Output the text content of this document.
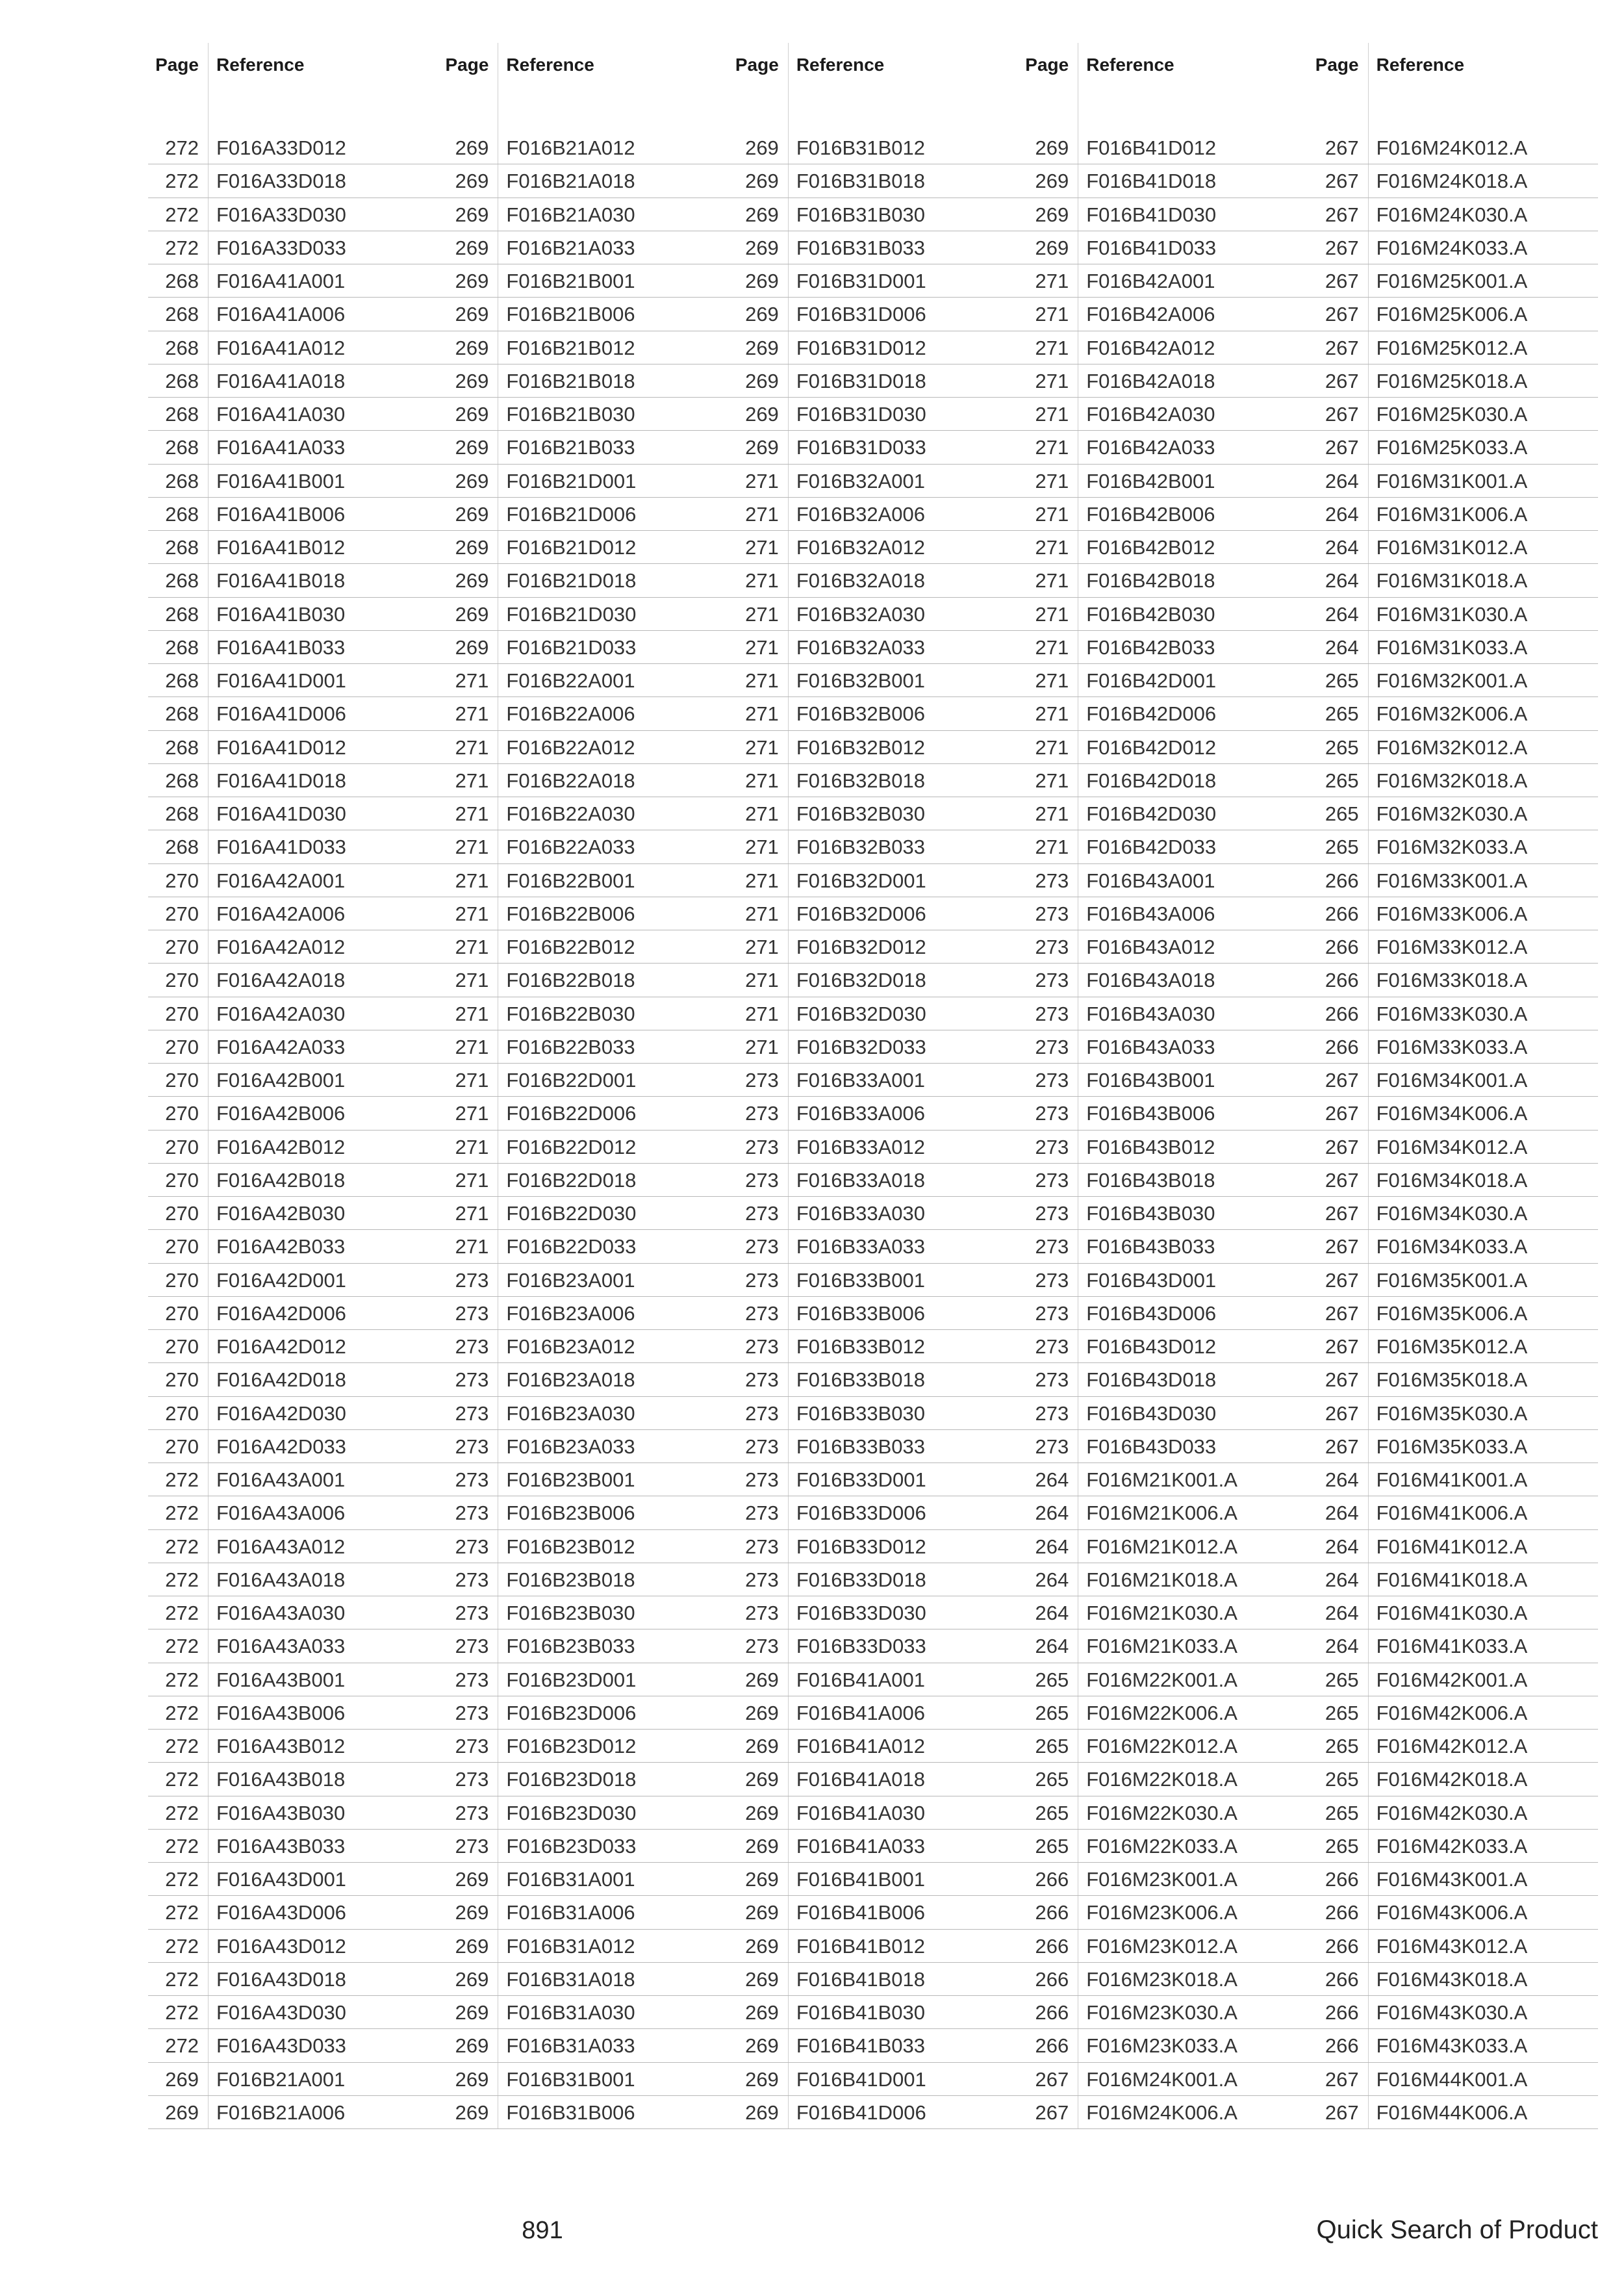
Page Reference
272 F016A33D012
272 F016A33D018
272 F016A33D030
272 F016A33D033
268 F016A41A001
268 F016A41A006
268 F016A41A012
268 F016A41A018
268 F016A41A030
268 F016A41A033
268 F016A41B001
268 F016A41B006
268 F016A41B012
268 F016A41B018
268 F016A41B030
268 F016A41B033
268 F016A41D001
268 F016A41D006
268 F016A41D012
268 F016A41D018
268 F016A41D030
268 F016A41D033
270 F016A42A001
270 F016A42A006
270 F016A42A012
270 F016A42A018
270 F016A42A030
270 F016A42A033
270 F016A42B001
270 F016A42B006
270 F016A42B012
270 F016A42B018
270 F016A42B030
270 F016A42B033
270 F016A42D001
270 F016A42D006
270 F016A42D012
270 F016A42D018
270 F016A42D030
270 F016A42D033
272 F016A43A001
272 F016A43A006
272 F016A43A012
272 F016A43A018
272 F016A43A030
272 F016A43A033
272 F016A43B001
272 F016A43B006
272 F016A43B012
272 F016A43B018
272 F016A43B030
272 F016A43B033
272 F016A43D001
272 F016A43D006
272 F016A43D012
272 F016A43D018
272 F016A43D030
272 F016A43D033
269 F016B21A001
269 F016B21A006
Page Reference
269 F016B21A012
269 F016B21A018
269 F016B21A030
269 F016B21A033
269 F016B21B001
269 F016B21B006
269 F016B21B012
269 F016B21B018
269 F016B21B030
269 F016B21B033
269 F016B21D001
269 F016B21D006
269 F016B21D012
269 F016B21D018
269 F016B21D030
269 F016B21D033
271 F016B22A001
271 F016B22A006
271 F016B22A012
271 F016B22A018
271 F016B22A030
271 F016B22A033
271 F016B22B001
271 F016B22B006
271 F016B22B012
271 F016B22B018
271 F016B22B030
271 F016B22B033
271 F016B22D001
271 F016B22D006
271 F016B22D012
271 F016B22D018
271 F016B22D030
271 F016B22D033
273 F016B23A001
273 F016B23A006
273 F016B23A012
273 F016B23A018
273 F016B23A030
273 F016B23A033
273 F016B23B001
273 F016B23B006
273 F016B23B012
273 F016B23B018
273 F016B23B030
273 F016B23B033
273 F016B23D001
273 F016B23D006
273 F016B23D012
273 F016B23D018
273 F016B23D030
273 F016B23D033
269 F016B31A001
269 F016B31A006
269 F016B31A012
269 F016B31A018
269 F016B31A030
269 F016B31A033
269 F016B31B001
269 F016B31B006
Page Reference
269 F016B31B012
269 F016B31B018
269 F016B31B030
269 F016B31B033
269 F016B31D001
269 F016B31D006
269 F016B31D012
269 F016B31D018
269 F016B31D030
269 F016B31D033
271 F016B32A001
271 F016B32A006
271 F016B32A012
271 F016B32A018
271 F016B32A030
271 F016B32A033
271 F016B32B001
271 F016B32B006
271 F016B32B012
271 F016B32B018
271 F016B32B030
271 F016B32B033
271 F016B32D001
271 F016B32D006
271 F016B32D012
271 F016B32D018
271 F016B32D030
271 F016B32D033
273 F016B33A001
273 F016B33A006
273 F016B33A012
273 F016B33A018
273 F016B33A030
273 F016B33A033
273 F016B33B001
273 F016B33B006
273 F016B33B012
273 F016B33B018
273 F016B33B030
273 F016B33B033
273 F016B33D001
273 F016B33D006
273 F016B33D012
273 F016B33D018
273 F016B33D030
273 F016B33D033
269 F016B41A001
269 F016B41A006
269 F016B41A012
269 F016B41A018
269 F016B41A030
269 F016B41A033
269 F016B41B001
269 F016B41B006
269 F016B41B012
269 F016B41B018
269 F016B41B030
269 F016B41B033
269 F016B41D001
269 F016B41D006
Page Reference
269 F016B41D012
269 F016B41D018
269 F016B41D030
269 F016B41D033
271 F016B42A001
271 F016B42A006
271 F016B42A012
271 F016B42A018
271 F016B42A030
271 F016B42A033
271 F016B42B001
271 F016B42B006
271 F016B42B012
271 F016B42B018
271 F016B42B030
271 F016B42B033
271 F016B42D001
271 F016B42D006
271 F016B42D012
271 F016B42D018
271 F016B42D030
271 F016B42D033
273 F016B43A001
273 F016B43A006
273 F016B43A012
273 F016B43A018
273 F016B43A030
273 F016B43A033
273 F016B43B001
273 F016B43B006
273 F016B43B012
273 F016B43B018
273 F016B43B030
273 F016B43B033
273 F016B43D001
273 F016B43D006
273 F016B43D012
273 F016B43D018
273 F016B43D030
273 F016B43D033
264 F016M21K001.A
264 F016M21K006.A
264 F016M21K012.A
264 F016M21K018.A
264 F016M21K030.A
264 F016M21K033.A
265 F016M22K001.A
265 F016M22K006.A
265 F016M22K012.A
265 F016M22K018.A
265 F016M22K030.A
265 F016M22K033.A
266 F016M23K001.A
266 F016M23K006.A
266 F016M23K012.A
266 F016M23K018.A
266 F016M23K030.A
266 F016M23K033.A
267 F016M24K001.A
267 F016M24K006.A
Page Reference
267 F016M24K012.A
267 F016M24K018.A
267 F016M24K030.A
267 F016M24K033.A
267 F016M25K001.A
267 F016M25K006.A
267 F016M25K012.A
267 F016M25K018.A
267 F016M25K030.A
267 F016M25K033.A
264 F016M31K001.A
264 F016M31K006.A
264 F016M31K012.A
264 F016M31K018.A
264 F016M31K030.A
264 F016M31K033.A
265 F016M32K001.A
265 F016M32K006.A
265 F016M32K012.A
265 F016M32K018.A
265 F016M32K030.A
265 F016M32K033.A
266 F016M33K001.A
266 F016M33K006.A
266 F016M33K012.A
266 F016M33K018.A
266 F016M33K030.A
266 F016M33K033.A
267 F016M34K001.A
267 F016M34K006.A
267 F016M34K012.A
267 F016M34K018.A
267 F016M34K030.A
267 F016M34K033.A
267 F016M35K001.A
267 F016M35K006.A
267 F016M35K012.A
267 F016M35K018.A
267 F016M35K030.A
267 F016M35K033.A
264 F016M41K001.A
264 F016M41K006.A
264 F016M41K012.A
264 F016M41K018.A
264 F016M41K030.A
264 F016M41K033.A
265 F016M42K001.A
265 F016M42K006.A
265 F016M42K012.A
265 F016M42K018.A
265 F016M42K030.A
265 F016M42K033.A
266 F016M43K001.A
266 F016M43K006.A
266 F016M43K012.A
266 F016M43K018.A
266 F016M43K030.A
266 F016M43K033.A
267 F016M44K001.A
267 F016M44K006.A
891	Quick Search of Product
